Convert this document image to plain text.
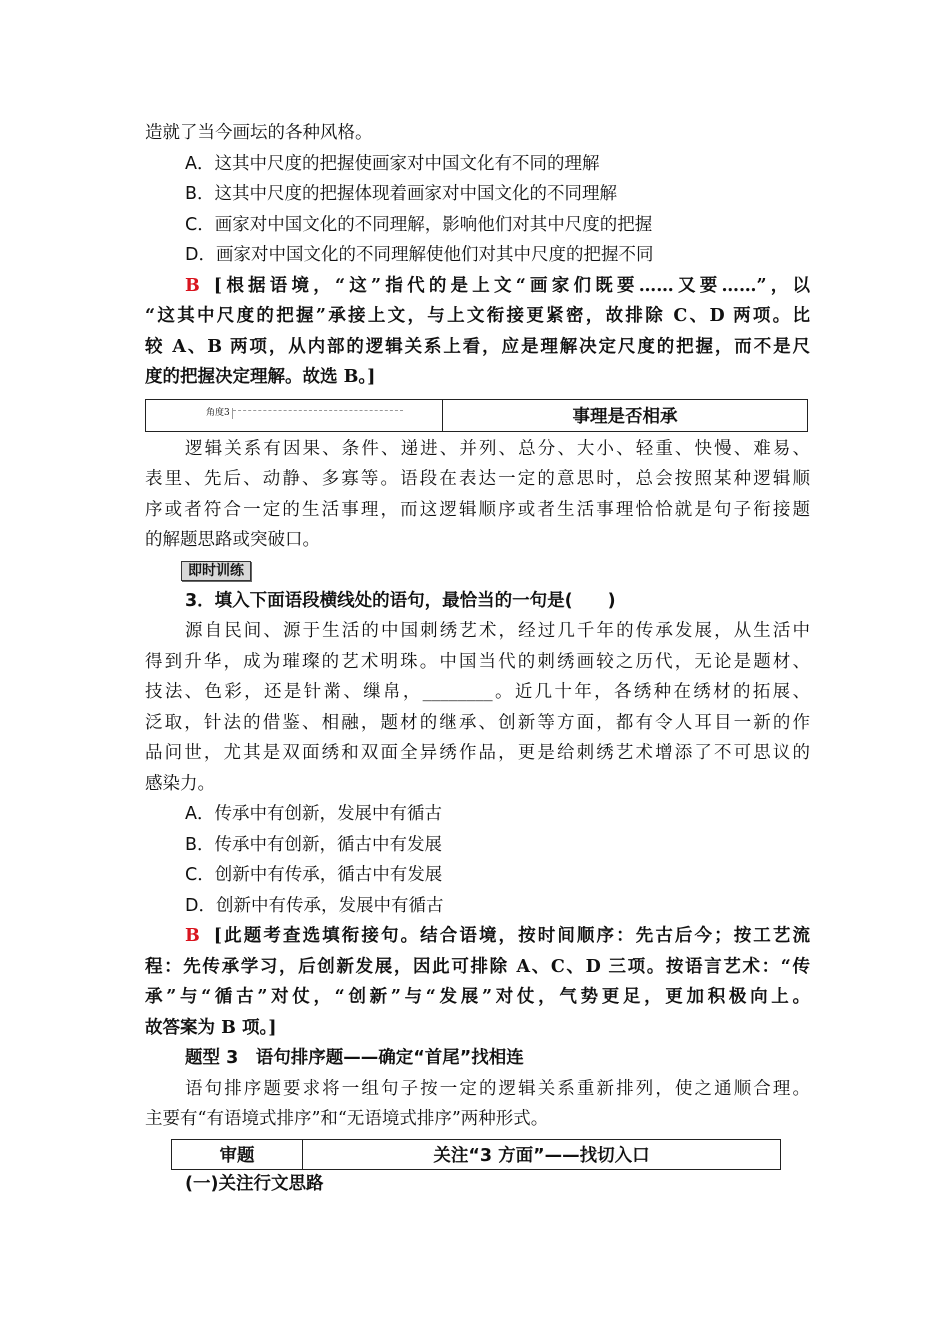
造就了当今画坛的各种风格。
A．这其中尺度的把握使画家对中国文化有不同的理解
B．这其中尺度的把握体现着画家对中国文化的不同理解
C．画家对中国文化的不同理解，影响他们对其中尺度的把握
D．画家对中国文化的不同理解使他们对其中尺度的把握不同
B [根据语境，“这”指代的是上文“画家们既要……又要……”，以
“这其中尺度的把握”承接上文，与上文衔接更紧密，故排除 C、D 两项。比
较 A、B 两项，从内部的逻辑关系上看，应是理解决定尺度的把握，而不是尺
度的把握决定理解。故选 B。]
角度3	事理是否相承
逻辑关系有因果、条件、递进、并列、总分、大小、轻重、快慢、难易、
表里、先后、动静、多寡等。语段在表达一定的意思时，总会按照某种逻辑顺
序或者符合一定的生活事理，而这逻辑顺序或者生活事理恰恰就是句子衔接题
的解题思路或突破口。
即时训练
3．填入下面语段横线处的语句，最恰当的一句是(　　)
源自民间、源于生活的中国刺绣艺术，经过几千年的传承发展，从生活中
得到升华，成为璀璨的艺术明珠。中国当代的刺绣画较之历代，无论是题材、
技法、色彩，还是针黹、缫帛，________。近几十年，各绣种在绣材的拓展、
泛取，针法的借鉴、相融，题材的继承、创新等方面，都有令人耳目一新的作
品问世，尤其是双面绣和双面全异绣作品，更是给刺绣艺术增添了不可思议的
感染力。
A．传承中有创新，发展中有循古
B．传承中有创新，循古中有发展
C．创新中有传承，循古中有发展
D．创新中有传承，发展中有循古
B [此题考查选填衔接句。结合语境，按时间顺序：先古后今；按工艺流
程：先传承学习，后创新发展，因此可排除 A、C、D 三项。按语言艺术：“传
承”与“循古”对仗，“创新”与“发展”对仗，气势更足，更加积极向上。
故答案为 B 项。]
题型 3　语句排序题——确定“首尾”找相连
语句排序题要求将一组句子按一定的逻辑关系重新排列，使之通顺合理。
主要有“有语境式排序”和“无语境式排序”两种形式。
审题	关注“3 方面”——找切入口
(一)关注行文思路
